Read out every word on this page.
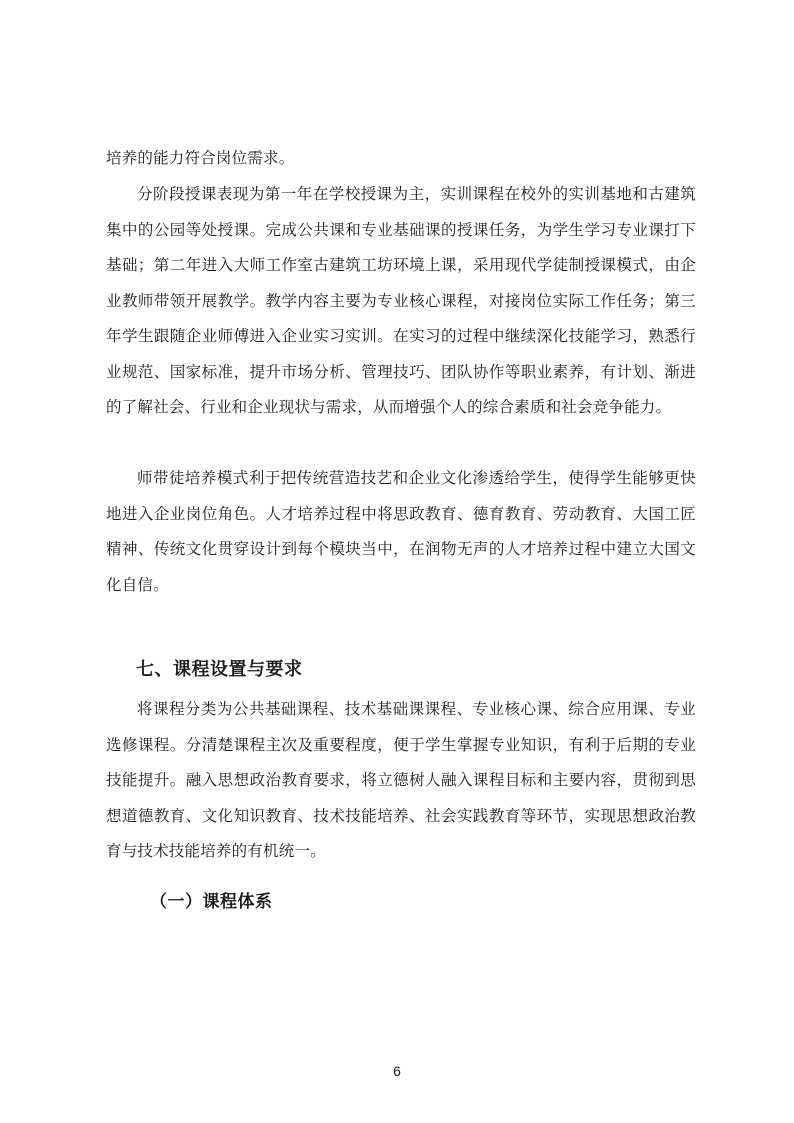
培养的能力符合岗位需求。

分阶段授课表现为第一年在学校授课为主，实训课程在校外的实训基地和古建筑集中的公园等处授课。完成公共课和专业基础课的授课任务，为学生学习专业课打下基础；第二年进入大师工作室古建筑工坊环境上课，采用现代学徒制授课模式，由企业教师带领开展教学。教学内容主要为专业核心课程，对接岗位实际工作任务；第三年学生跟随企业师傅进入企业实习实训。在实习的过程中继续深化技能学习，熟悉行业规范、国家标准，提升市场分析、管理技巧、团队协作等职业素养，有计划、渐进的了解社会、行业和企业现状与需求，从而增强个人的综合素质和社会竞争能力。

师带徒培养模式利于把传统营造技艺和企业文化渗透给学生，使得学生能够更快地进入企业岗位角色。人才培养过程中将思政教育、德育教育、劳动教育、大国工匠精神、传统文化贯穿设计到每个模块当中，在润物无声的人才培养过程中建立大国文化自信。

七、课程设置与要求

将课程分类为公共基础课程、技术基础课课程、专业核心课、综合应用课、专业选修课程。分清楚课程主次及重要程度，便于学生掌握专业知识，有利于后期的专业技能提升。融入思想政治教育要求，将立德树人融入课程目标和主要内容，贯彻到思想道德教育、文化知识教育、技术技能培养、社会实践教育等环节，实现思想政治教育与技术技能培养的有机统一。

（一）课程体系
6
